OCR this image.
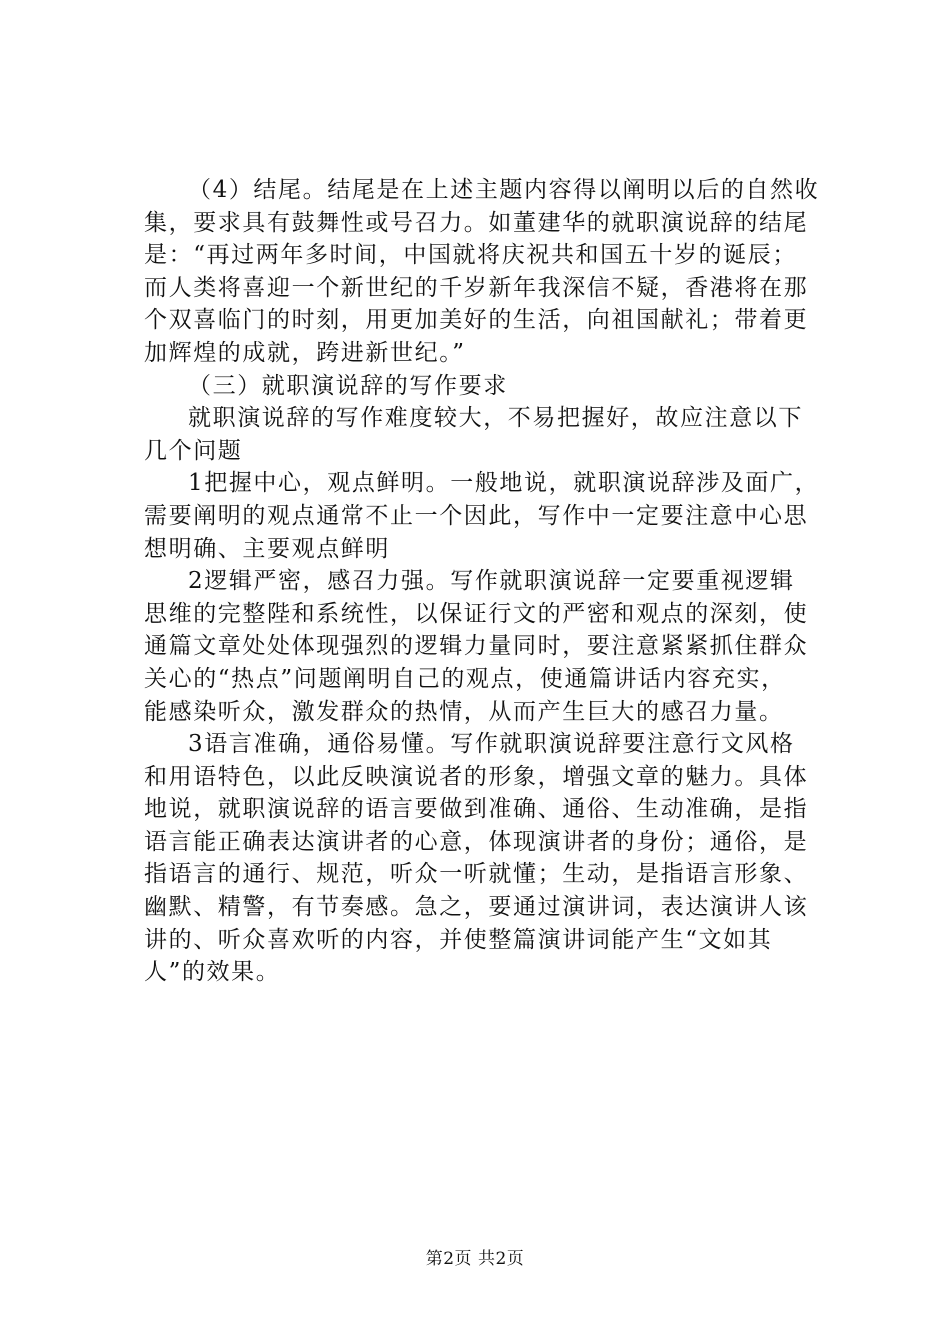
（4）结尾。结尾是在上述主题内容得以阐明以后的自然收
集，要求具有鼓舞性或号召力。如董建华的就职演说辞的结尾
是：“再过两年多时间，中国就将庆祝共和国五十岁的诞辰；
而人类将喜迎一个新世纪的千岁新年我深信不疑，香港将在那
个双喜临门的时刻，用更加美好的生活，向祖国献礼；带着更
加辉煌的成就，跨进新世纪。”
（三）就职演说辞的写作要求
就职演说辞的写作难度较大，不易把握好，故应注意以下
几个问题
1把握中心，观点鲜明。一般地说，就职演说辞涉及面广，
需要阐明的观点通常不止一个因此，写作中一定要注意中心思
想明确、主要观点鲜明
2逻辑严密，感召力强。写作就职演说辞一定要重视逻辑
思维的完整陛和系统性，以保证行文的严密和观点的深刻，使
通篇文章处处体现强烈的逻辑力量同时，要注意紧紧抓住群众
关心的“热点”问题阐明自己的观点，使通篇讲话内容充实，
能感染听众，激发群众的热情，从而产生巨大的感召力量。
3语言准确，通俗易懂。写作就职演说辞要注意行文风格
和用语特色，以此反映演说者的形象，增强文章的魅力。具体
地说，就职演说辞的语言要做到准确、通俗、生动准确，是指
语言能正确表达演讲者的心意，体现演讲者的身份；通俗，是
指语言的通行、规范，听众一听就懂；生动，是指语言形象、
幽默、精警，有节奏感。急之，要通过演讲词，表达演讲人该
讲的、听众喜欢听的内容，并使整篇演讲词能产生“文如其
人”的效果。
第2页 共2页
